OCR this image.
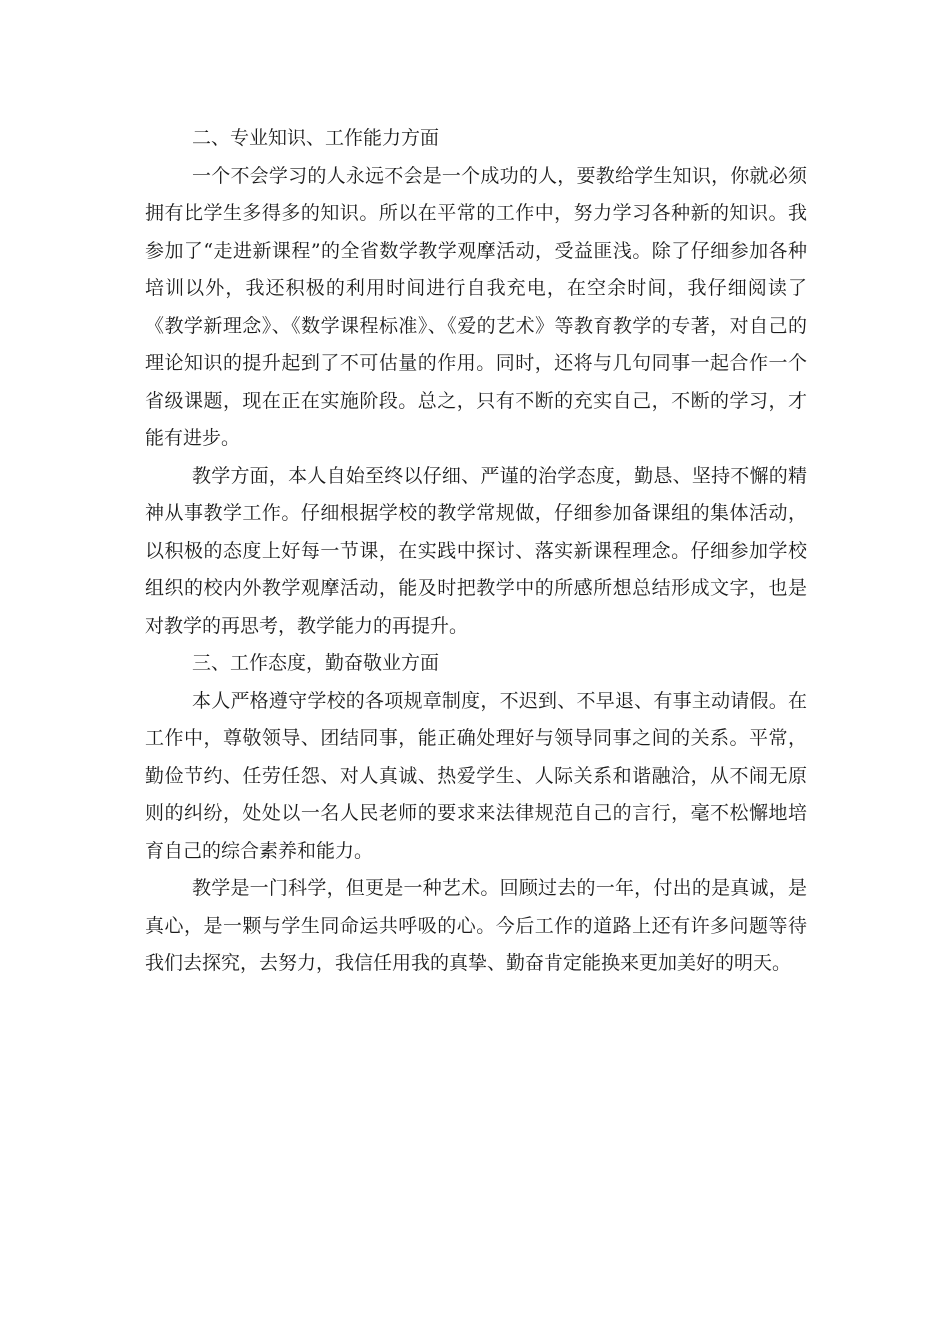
二、专业知识、工作能力方面

一个不会学习的人永远不会是一个成功的人，要教给学生知识，你就必须拥有比学生多得多的知识。所以在平常的工作中，努力学习各种新的知识。我参加了“走进新课程”的全省数学教学观摩活动，受益匪浅。除了仔细参加各种培训以外，我还积极的利用时间进行自我充电，在空余时间，我仔细阅读了《教学新理念》、《数学课程标准》、《爱的艺术》等教育教学的专著，对自己的理论知识的提升起到了不可估量的作用。同时，还将与几句同事一起合作一个省级课题，现在正在实施阶段。总之，只有不断的充实自己，不断的学习，才能有进步。

教学方面，本人自始至终以仔细、严谨的治学态度，勤恳、坚持不懈的精神从事教学工作。仔细根据学校的教学常规做，仔细参加备课组的集体活动，以积极的态度上好每一节课，在实践中探讨、落实新课程理念。仔细参加学校组织的校内外教学观摩活动，能及时把教学中的所感所想总结形成文字，也是对教学的再思考，教学能力的再提升。

三、工作态度，勤奋敬业方面

本人严格遵守学校的各项规章制度，不迟到、不早退、有事主动请假。在工作中，尊敬领导、团结同事，能正确处理好与领导同事之间的关系。平常，勤俭节约、任劳任怨、对人真诚、热爱学生、人际关系和谐融洽，从不闹无原则的纠纷，处处以一名人民老师的要求来法律规范自己的言行，毫不松懈地培育自己的综合素养和能力。

教学是一门科学，但更是一种艺术。回顾过去的一年，付出的是真诚，是真心，是一颗与学生同命运共呼吸的心。今后工作的道路上还有许多问题等待我们去探究，去努力，我信任用我的真挚、勤奋肯定能换来更加美好的明天。
